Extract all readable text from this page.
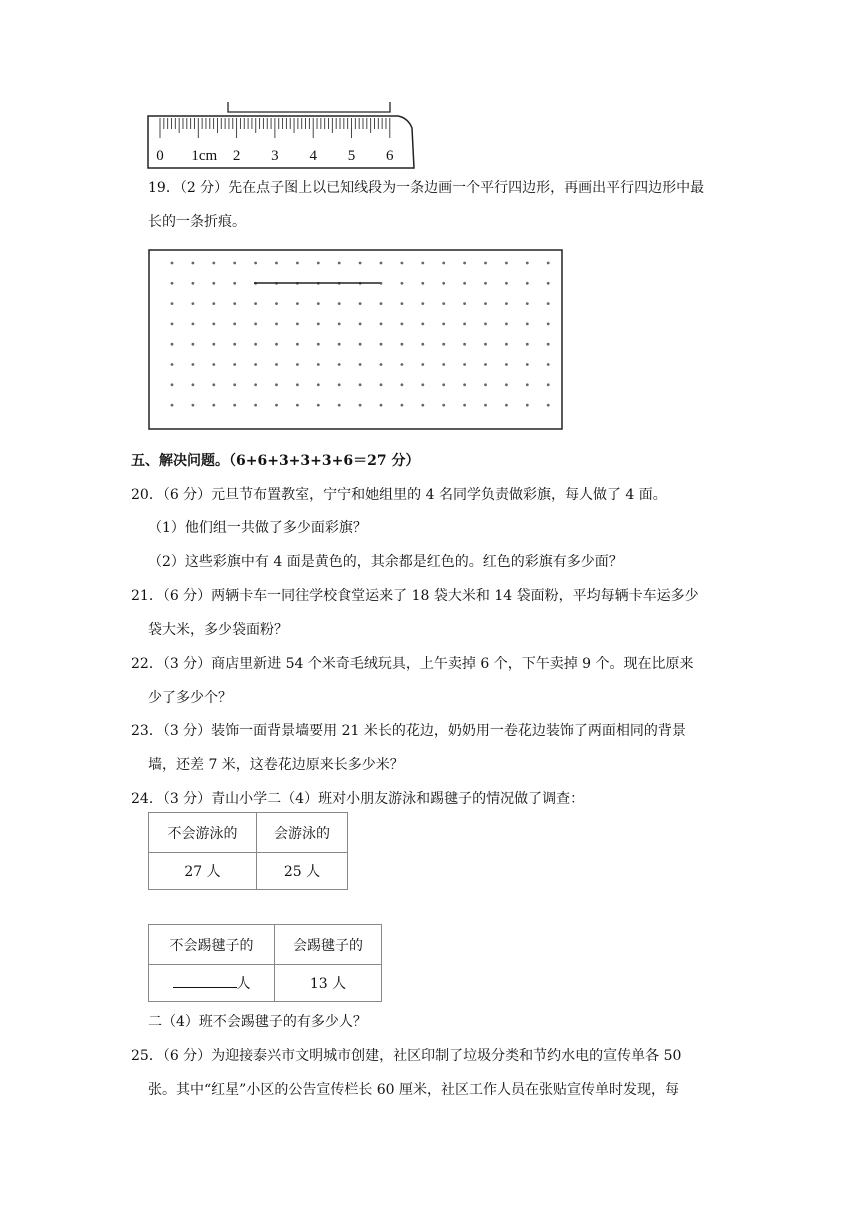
0 1cm 2 3 4 5 6
19．（2 分）先在点子图上以已知线段为一条边画一个平行四边形，再画出平行四边形中最
长的一条折痕。
五、解决问题。（6+6+3+3+3+6＝27 分）
20．（6 分）元旦节布置教室，宁宁和她组里的 4 名同学负责做彩旗，每人做了 4 面。
（1）他们组一共做了多少面彩旗？
（2）这些彩旗中有 4 面是黄色的，其余都是红色的。红色的彩旗有多少面？
21．（6 分）两辆卡车一同往学校食堂运来了 18 袋大米和 14 袋面粉，平均每辆卡车运多少
袋大米，多少袋面粉？
22．（3 分）商店里新进 54 个米奇毛绒玩具，上午卖掉 6 个，下午卖掉 9 个。现在比原来
少了多少个？
23．（3 分）装饰一面背景墙要用 21 米长的花边，奶奶用一卷花边装饰了两面相同的背景
墙，还差 7 米，这卷花边原来长多少米？
24．（3 分）青山小学二（4）班对小朋友游泳和踢毽子的情况做了调查：
不会游泳的	会游泳的
27 人	25 人
不会踢毽子的	会踢毽子的
人	13 人
二（4）班不会踢毽子的有多少人？
25．（6 分）为迎接泰兴市文明城市创建，社区印制了垃圾分类和节约水电的宣传单各 50
张。其中“红星”小区的公告宣传栏长 60 厘米，社区工作人员在张贴宣传单时发现，每
